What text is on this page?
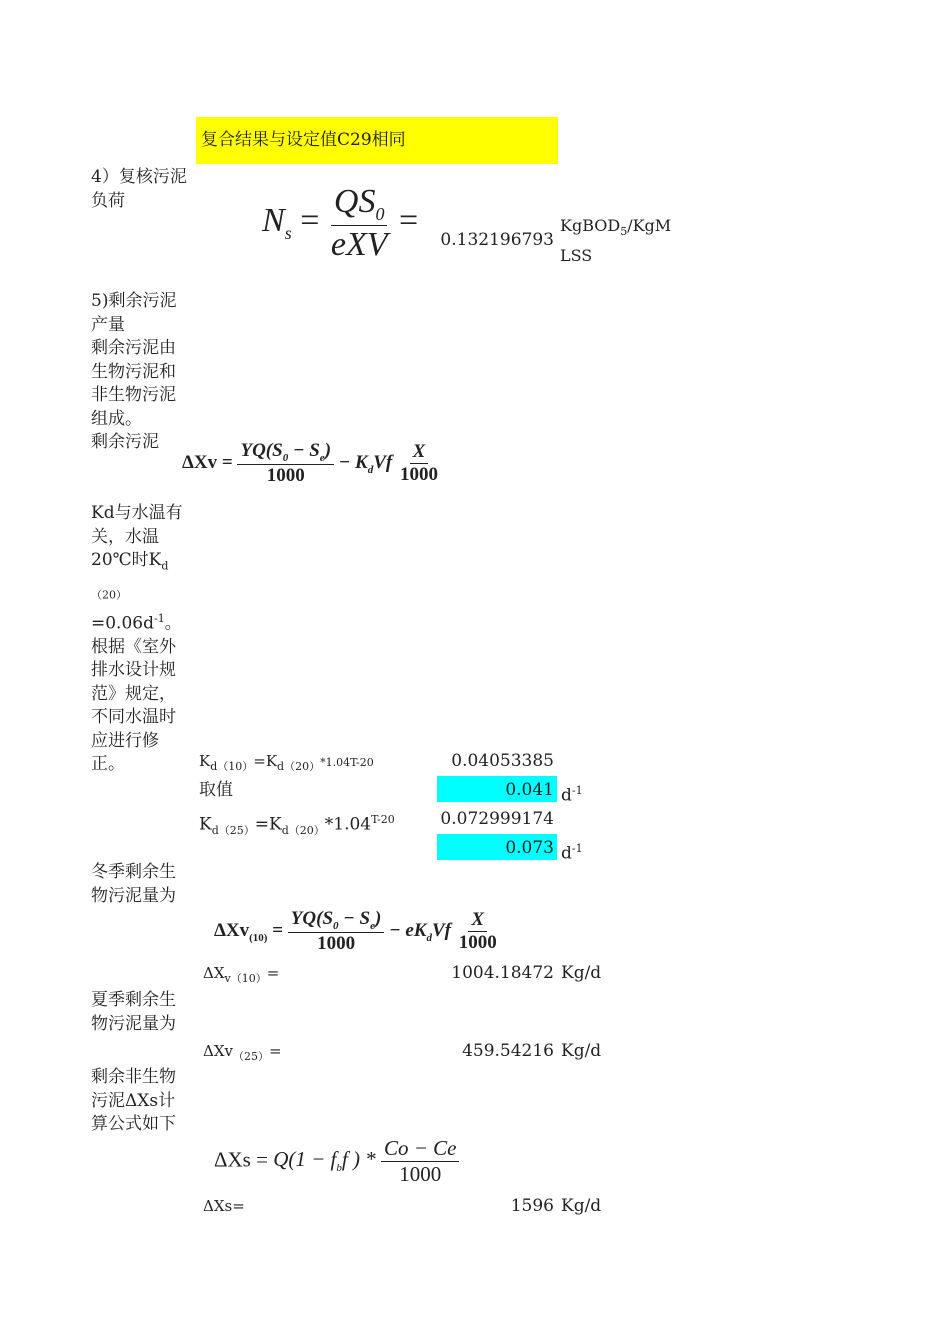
复合结果与设定值C29相同
4）复核污泥负荷
$N_s = \frac{QS_0}{\text{eXV}}$ =
0.132196793
KgBOD$_5$/KgM
LSS
5)剩余污泥产量
剩余污泥由生物污泥和非生物污泥组成。
剩余污泥
$\Delta Xv = \frac{YQ(S_0 - S_e)}{1000} - K_dVf \frac{X}{1000}$
Kd与水温有关，水温20℃时$K_{d(20)}=0.06d^{-1}$。根据《室外排水设计规范》规定，不同水温时应进行修正。	$K_{d(10)}=K_{d(20)}*1.04T-20$	0.04053385
取值	0.041 $d^{-1}$
$K_{d(25)}=K_{d(20)}*1.04^{T-20}$	0.072999174
0.073 $d^{-1}$
冬季剩余生物污泥量为
$\Delta Xv_{(10)} = \frac{YQ(S_0 - S_e)}{1000} - eK_dVf \frac{X}{1000}$
$\Delta X_{v(10)}=$	1004.18472 Kg/d
夏季剩余生物污泥量为
ΔXv$_{(25)}$=	459.54216 Kg/d
剩余非生物污泥ΔXs计算公式如下
$\Delta Xs = Q(1 - f_bf$ ) * $\frac{Co - Ce}{1000}$
ΔXs=	1596 Kg/d
